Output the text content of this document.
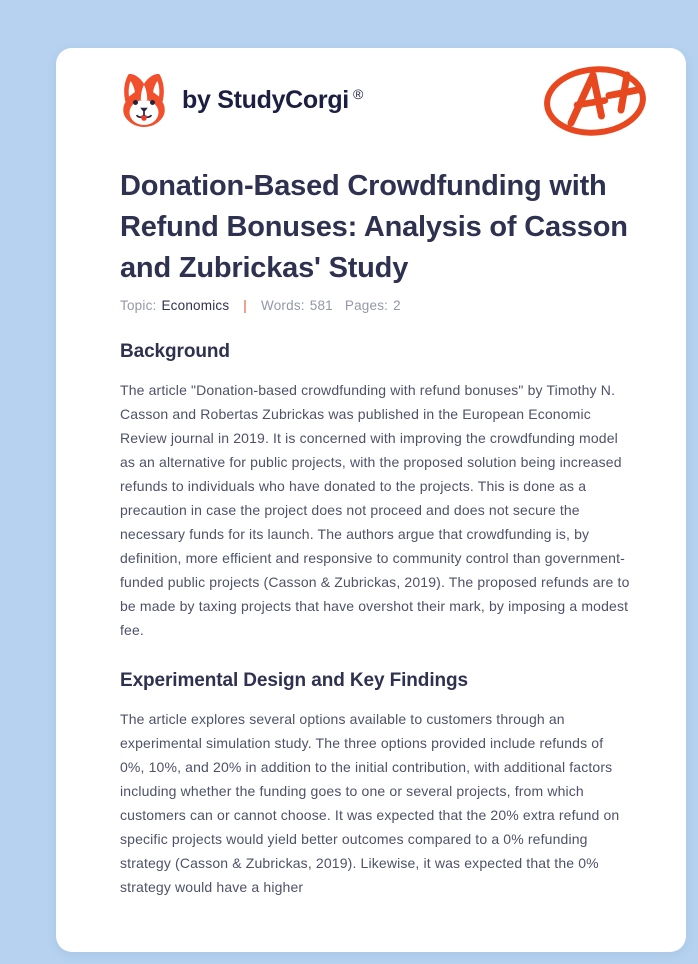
by StudyCorgi ®
Donation-Based Crowdfunding with Refund Bonuses: Analysis of Casson and Zubrickas' Study
Topic: Economics | Words: 581 Pages: 2
Background

The article "Donation-based crowdfunding with refund bonuses" by Timothy N. Casson and Robertas Zubrickas was published in the European Economic Review journal in 2019. It is concerned with improving the crowdfunding model as an alternative for public projects, with the proposed solution being increased refunds to individuals who have donated to the projects. This is done as a precaution in case the project does not proceed and does not secure the necessary funds for its launch. The authors argue that crowdfunding is, by definition, more efficient and responsive to community control than government-funded public projects (Casson & Zubrickas, 2019). The proposed refunds are to be made by taxing projects that have overshot their mark, by imposing a modest fee.

Experimental Design and Key Findings

The article explores several options available to customers through an experimental simulation study. The three options provided include refunds of 0%, 10%, and 20% in addition to the initial contribution, with additional factors including whether the funding goes to one or several projects, from which customers can or cannot choose. It was expected that the 20% extra refund on specific projects would yield better outcomes compared to a 0% refunding strategy (Casson & Zubrickas, 2019). Likewise, it was expected that the 0% strategy would have a higher
